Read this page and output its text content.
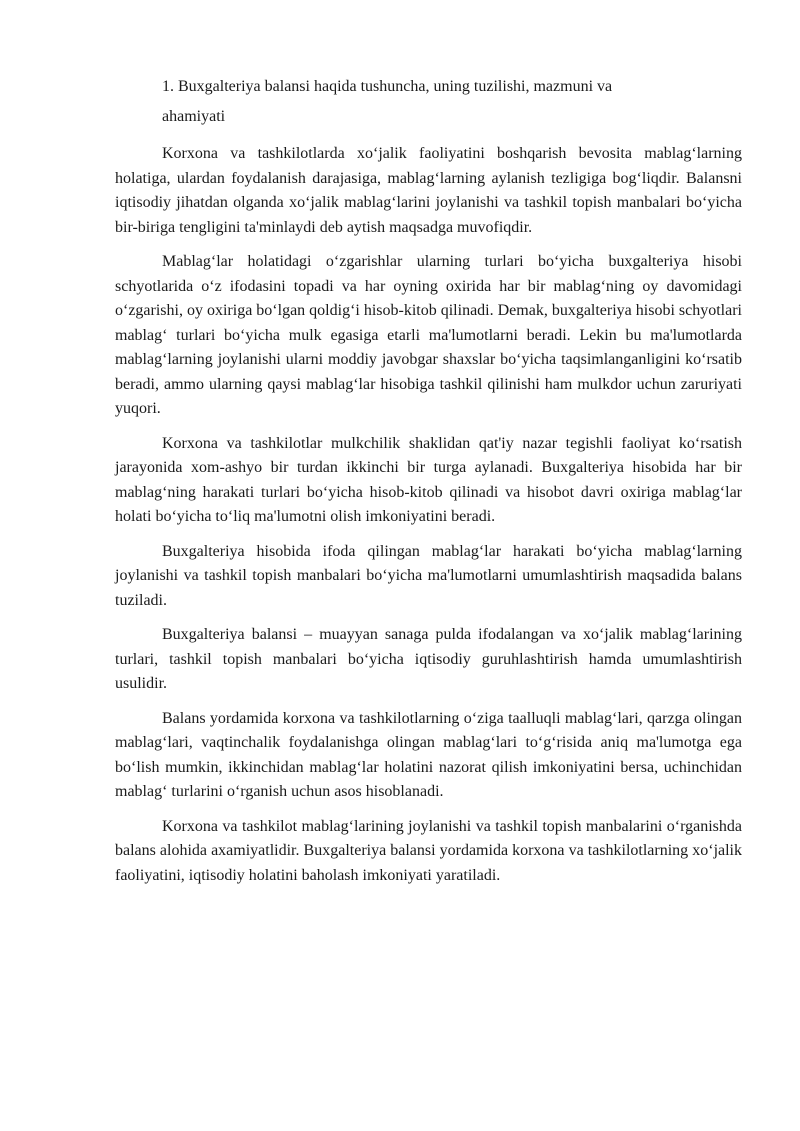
1. Buxgalteriya balansi haqida tushuncha, uning tuzilishi, mazmuni va

ahamiyati

Korxona va tashkilotlarda xo‘jalik faoliyatini boshqarish bevosita mablag‘larning holatiga, ulardan foydalanish darajasiga, mablag‘larning aylanish tezligiga bog‘liqdir. Balansni iqtisodiy jihatdan olganda xo‘jalik mablag‘larini joylanishi va tashkil topish manbalari bo‘yicha bir-biriga tengligini ta'minlaydi deb aytish maqsadga muvofiqdir.

Mablag‘lar holatidagi o‘zgarishlar ularning turlari bo‘yicha buxgalteriya hisobi schyotlarida o‘z ifodasini topadi va har oyning oxirida har bir mablag‘ning oy davomidagi o‘zgarishi, oy oxiriga bo‘lgan qoldig‘i hisob-kitob qilinadi. Demak, buxgalteriya hisobi schyotlari mablag‘ turlari bo‘yicha mulk egasiga etarli ma'lumotlarni beradi. Lekin bu ma'lumotlarda mablag‘larning joylanishi ularni moddiy javobgar shaxslar bo‘yicha taqsimlanganligini ko‘rsatib beradi, ammo ularning qaysi mablag‘lar hisobiga tashkil qilinishi ham mulkdor uchun zaruriyati yuqori.

Korxona va tashkilotlar mulkchilik shaklidan qat'iy nazar tegishli faoliyat ko‘rsatish jarayonida xom-ashyo bir turdan ikkinchi bir turga aylanadi. Buxgalteriya hisobida har bir mablag‘ning harakati turlari bo‘yicha hisob-kitob qilinadi va hisobot davri oxiriga mablag‘lar holati bo‘yicha to‘liq ma'lumotni olish imkoniyatini beradi.

Buxgalteriya hisobida ifoda qilingan mablag‘lar harakati bo‘yicha mablag‘larning joylanishi va tashkil topish manbalari bo‘yicha ma'lumotlarni umumlashtirish maqsadida balans tuziladi.

Buxgalteriya balansi – muayyan sanaga pulda ifodalangan va xo‘jalik mablag‘larining turlari, tashkil topish manbalari bo‘yicha iqtisodiy guruhlashtirish hamda umumlashtirish usulidir.

Balans yordamida korxona va tashkilotlarning o‘ziga taalluqli mablag‘lari, qarzga olingan mablag‘lari, vaqtinchalik foydalanishga olingan mablag‘lari to‘g‘risida aniq ma'lumotga ega bo‘lish mumkin, ikkinchidan mablag‘lar holatini nazorat qilish imkoniyatini bersa, uchinchidan mablag‘ turlarini o‘rganish uchun asos hisoblanadi.

Korxona va tashkilot mablag‘larining joylanishi va tashkil topish manbalarini o‘rganishda balans alohida axamiyatlidir. Buxgalteriya balansi yordamida korxona va tashkilotlarning xo‘jalik faoliyatini, iqtisodiy holatini baholash imkoniyati yaratiladi.
